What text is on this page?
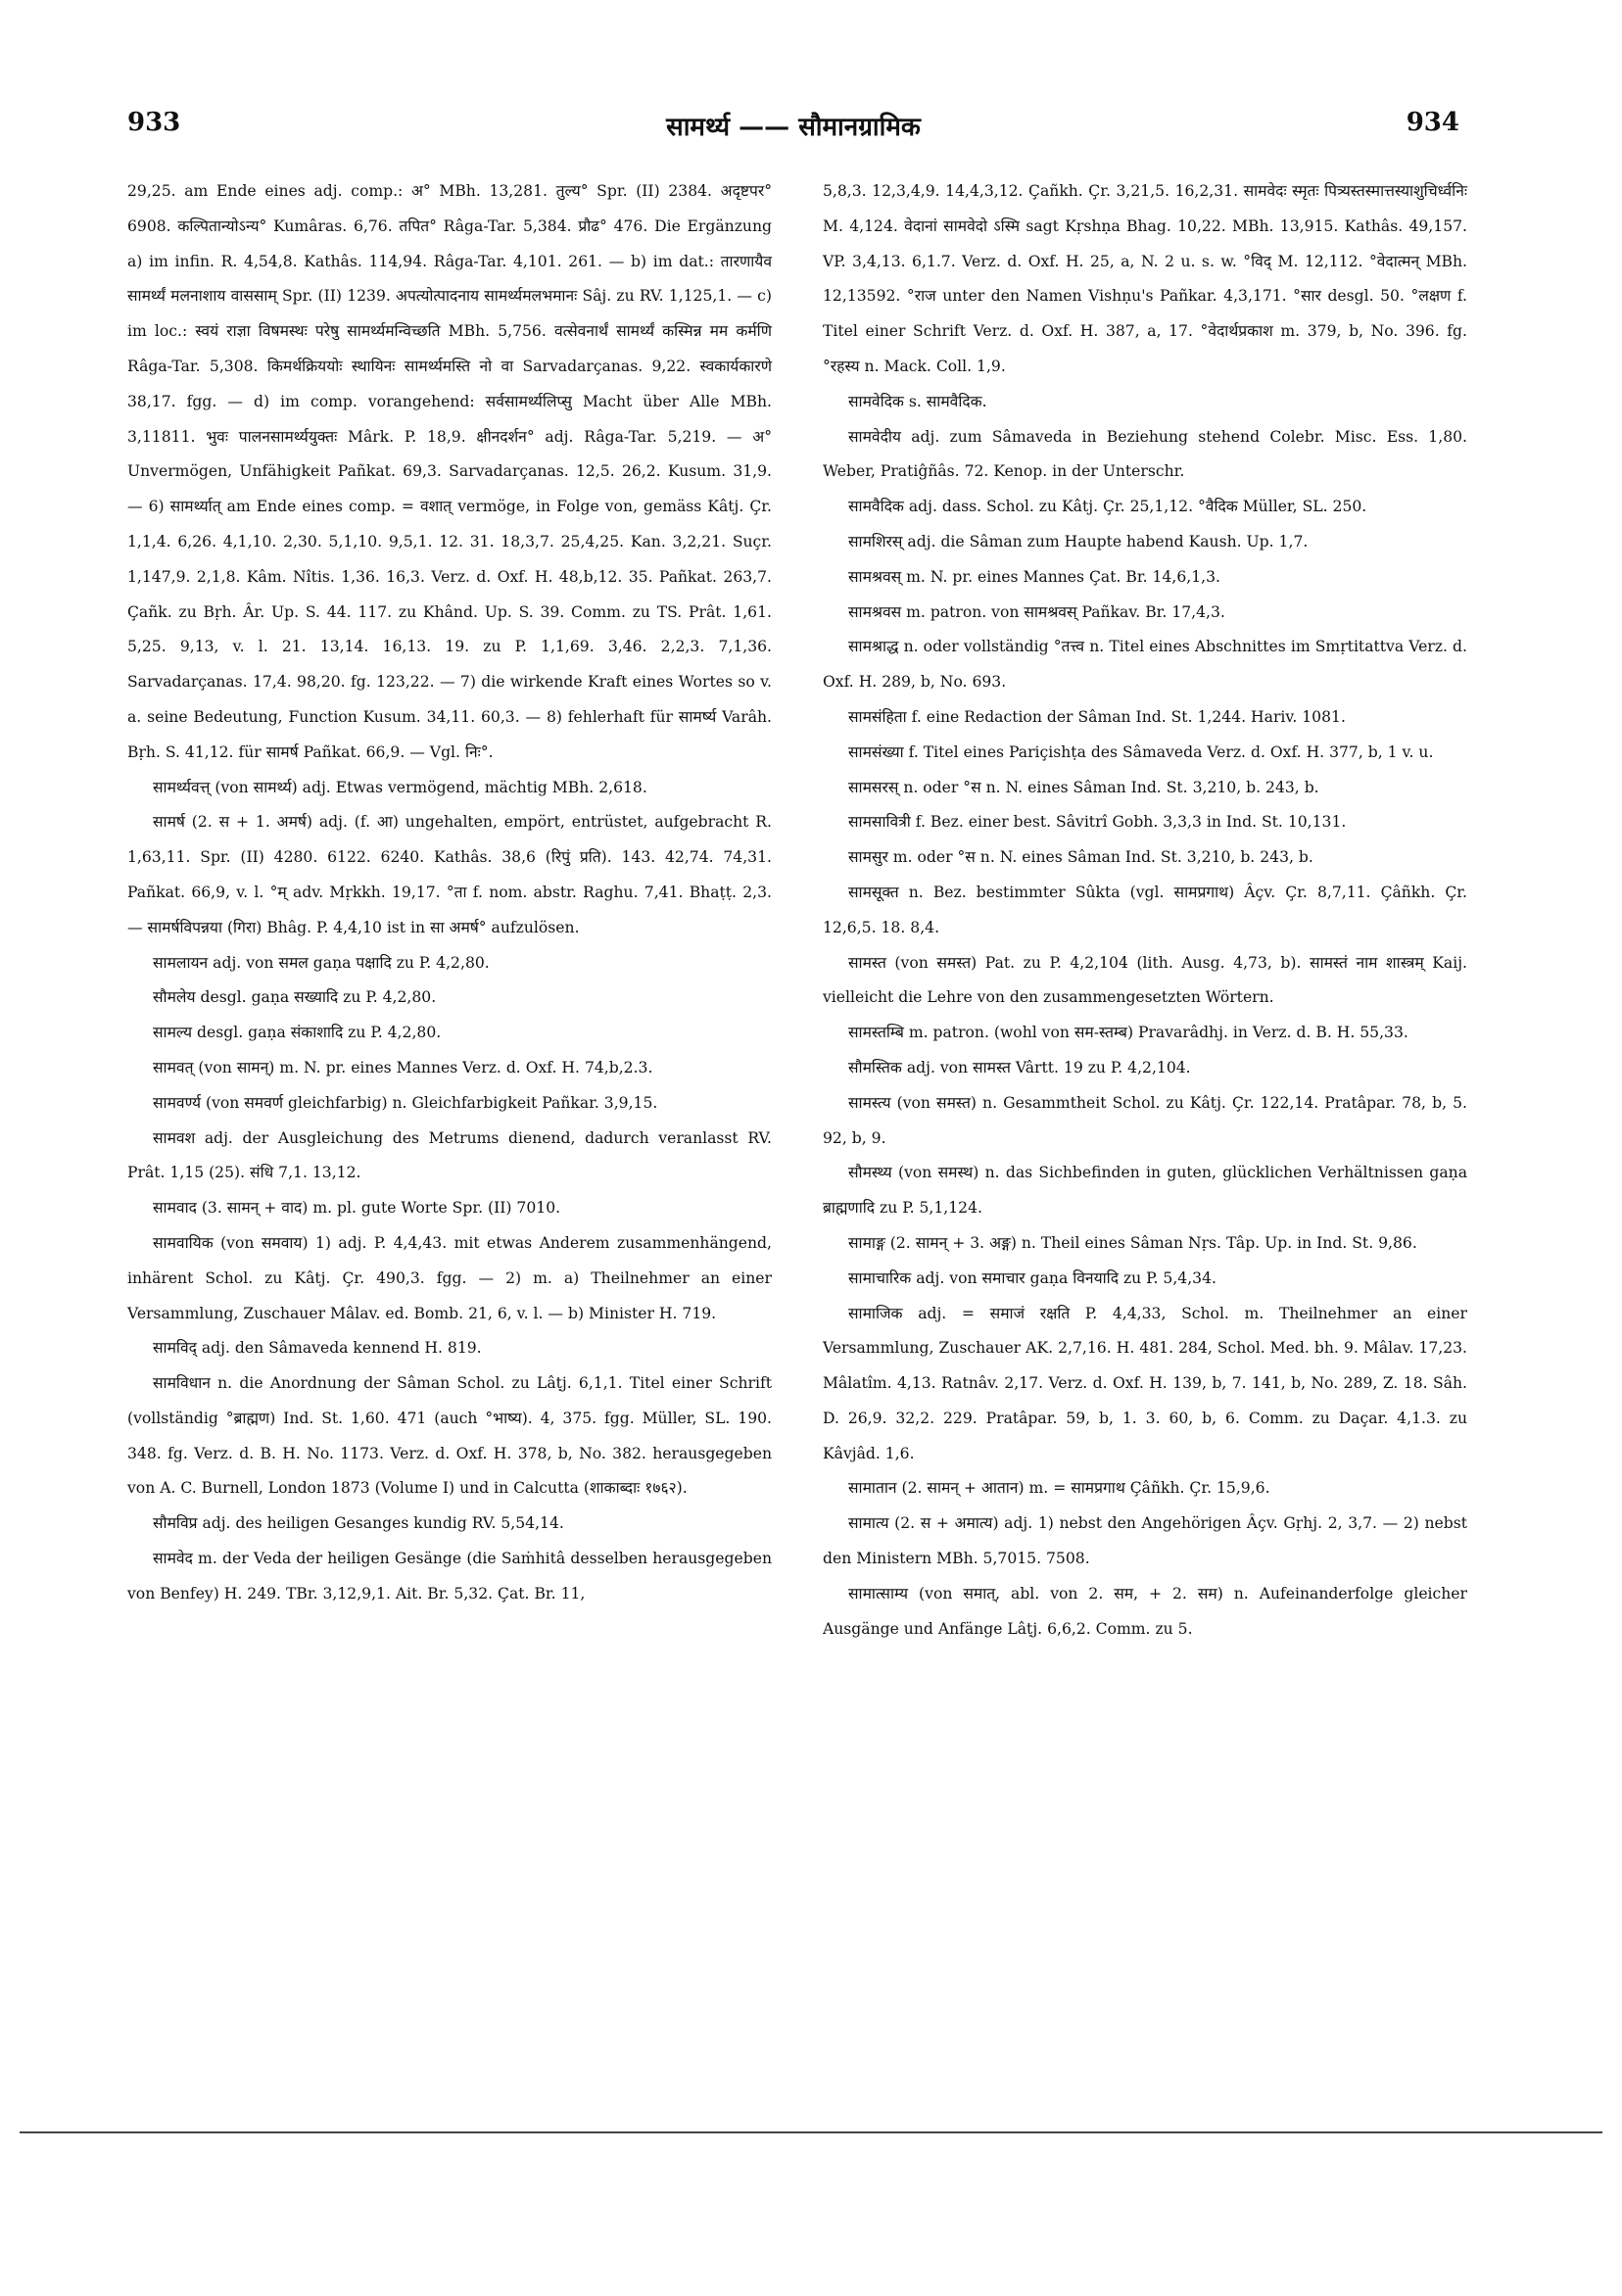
933	सामर्थ्य —— सौमानग्रामिक	934

29,25. am Ende eines adj. comp.: अ° MBh. 13,281. तुल्य° Spr. (II) 2384. अदृष्टपर° 6908. कल्पितान्योऽन्य° Kumâras. 6,76. तपित° Râga-Tar. 5,384. प्रौढ° 476. Die Ergänzung a) im infin. R. 4,54,8. Kathâs. 114,94. Râga-Tar. 4,101. 261. — b) im dat.: तारणायैव सामर्थ्यं मलनाशाय वाससाम् Spr. (II) 1239. अपत्योत्पादनाय सामर्थ्यमलभमानः Sâj. zu RV. 1,125,1. — c) im loc.: स्वयं राज्ञा विषमस्थः परेषु सामर्थ्यमन्विच्छति MBh. 5,756. वत्सेवनार्थं सामर्थ्यं कस्मिन्न मम कर्मणि Râga-Tar. 5,308. किमर्थक्रिययोः स्थायिनः सामर्थ्यमस्ति नो वा Sarvadarçanas. 9,22. स्वकार्यकारणे 38,17. fgg. — d) im comp. vorangehend: सर्वसामर्थ्यलिप्सु Macht über Alle MBh. 3,11811. भुवः पालनसामर्थ्ययुक्तः Mârk. P. 18,9. क्षीनदर्शन° adj. Râga-Tar. 5,219. — अ° Unvermögen, Unfähigkeit Pañkat. 69,3. Sarvadarçanas. 12,5. 26,2. Kusum. 31,9. — 6) सामर्थ्यात् am Ende eines comp. = वशात् vermöge, in Folge von, gemäss Kâtj. Çr. 1,1,4. 6,26. 4,1,10. 2,30. 5,1,10. 9,5,1. 12. 31. 18,3,7. 25,4,25. Kan. 3,2,21. Suçr. 1,147,9. 2,1,8. Kâm. Nîtis. 1,36. 16,3. Verz. d. Oxf. H. 48,b,12. 35. Pañkat. 263,7. Çañk. zu Bṛh. Âr. Up. S. 44. 117. zu Khând. Up. S. 39. Comm. zu TS. Prât. 1,61. 5,25. 9,13, v. l. 21. 13,14. 16,13. 19. zu P. 1,1,69. 3,46. 2,2,3. 7,1,36. Sarvadarçanas. 17,4. 98,20. fg. 123,22. — 7) die wirkende Kraft eines Wortes so v. a. seine Bedeutung, Function Kusum. 34,11. 60,3. — 8) fehlerhaft für सामर्ष्य Varâh. Bṛh. S. 41,12. für सामर्ष Pañkat. 66,9. — Vgl. निः°.

सामर्थ्यवत्त् (von सामर्थ्य) adj. Etwas vermögend, mächtig MBh. 2,618.

सामर्ष (2. स + 1. अमर्ष) adj. (f. आ) ungehalten, empört, entrüstet, aufgebracht R. 1,63,11. Spr. (II) 4280. 6122. 6240. Kathâs. 38,6 (रिपुं प्रति). 143. 42,74. 74,31. Pañkat. 66,9, v. l. °म् adv. Mṛkkh. 19,17. °ता f. nom. abstr. Raghu. 7,41. Bhaṭṭ. 2,3. — सामर्षविपन्नया (गिरा) Bhâg. P. 4,4,10 ist in सा अमर्ष° aufzulösen.

सामलायन adj. von समल gaṇa पक्षादि zu P. 4,2,80.

सौमलेय desgl. gaṇa सख्यादि zu P. 4,2,80.

सामल्य desgl. gaṇa संकाशादि zu P. 4,2,80.

सामवत् (von सामन्) m. N. pr. eines Mannes Verz. d. Oxf. H. 74,b,2.3.

सामवर्ण्य (von समवर्ण gleichfarbig) n. Gleichfarbigkeit Pañkar. 3,9,15.

सामवश adj. der Ausgleichung des Metrums dienend, dadurch veranlasst RV. Prât. 1,15 (25). संधि 7,1. 13,12.

सामवाद (3. सामन् + वाद) m. pl. gute Worte Spr. (II) 7010.

सामवायिक (von समवाय) 1) adj. P. 4,4,43. mit etwas Anderem zusammenhängend, inhärent Schol. zu Kâtj. Çr. 490,3. fgg. — 2) m. a) Theilnehmer an einer Versammlung, Zuschauer Mâlav. ed. Bomb. 21, 6, v. l. — b) Minister H. 719.

सामविद् adj. den Sâmaveda kennend H. 819.

सामविधान n. die Anordnung der Sâman Schol. zu Lâṭj. 6,1,1. Titel einer Schrift (vollständig °ब्राह्मण) Ind. St. 1,60. 471 (auch °भाष्य). 4, 375. fgg. Müller, SL. 190. 348. fg. Verz. d. B. H. No. 1173. Verz. d. Oxf. H. 378, b, No. 382. herausgegeben von A. C. Burnell, London 1873 (Volume I) und in Calcutta (शाकाब्दाः १७६२).

सौमविप्र adj. des heiligen Gesanges kundig RV. 5,54,14.

सामवेद m. der Veda der heiligen Gesänge (die Saṁhitâ desselben herausgegeben von Benfey) H. 249. TBr. 3,12,9,1. Ait. Br. 5,32. Çat. Br. 11,

5,8,3. 12,3,4,9. 14,4,3,12. Çañkh. Çr. 3,21,5. 16,2,31. सामवेदः स्मृतः पित्र्यस्तस्मात्तस्याशुचिर्ध्वनिः M. 4,124. वेदानां सामवेदो ऽस्मि sagt Kṛshṇa Bhag. 10,22. MBh. 13,915. Kathâs. 49,157. VP. 3,4,13. 6,1.7. Verz. d. Oxf. H. 25, a, N. 2 u. s. w. °विद् M. 12,112. °वेदात्मन् MBh. 12,13592. °राज unter den Namen Vishṇu's Pañkar. 4,3,171. °सार desgl. 50. °लक्षण f. Titel einer Schrift Verz. d. Oxf. H. 387, a, 17. °वेदार्थप्रकाश m. 379, b, No. 396. fg. °रहस्य n. Mack. Coll. 1,9.

सामवेदिक s. सामवैदिक.

सामवेदीय adj. zum Sâmaveda in Beziehung stehend Colebr. Misc. Ess. 1,80. Weber, Pratiĝñâs. 72. Kenop. in der Unterschr.

सामवैदिक adj. dass. Schol. zu Kâtj. Çr. 25,1,12. °वैदिक Müller, SL. 250.

सामशिरस् adj. die Sâman zum Haupte habend Kaush. Up. 1,7.

सामश्रवस् m. N. pr. eines Mannes Çat. Br. 14,6,1,3.

सामश्रवस m. patron. von सामश्रवस् Pañkav. Br. 17,4,3.

सामश्राद्ध n. oder vollständig °तत्त्व n. Titel eines Abschnittes im Smṛtitattva Verz. d. Oxf. H. 289, b, No. 693.

सामसंहिता f. eine Redaction der Sâman Ind. St. 1,244. Hariv. 1081.

सामसंख्या f. Titel eines Pariçishṭa des Sâmaveda Verz. d. Oxf. H. 377, b, 1 v. u.

सामसरस् n. oder °स n. N. eines Sâman Ind. St. 3,210, b. 243, b.

सामसावित्री f. Bez. einer best. Sâvitrî Gobh. 3,3,3 in Ind. St. 10,131.

सामसुर m. oder °स n. N. eines Sâman Ind. St. 3,210, b. 243, b.

सामसूक्त n. Bez. bestimmter Sûkta (vgl. सामप्रगाथ) Âçv. Çr. 8,7,11. Çâñkh. Çr. 12,6,5. 18. 8,4.

सामस्त (von समस्त) Pat. zu P. 4,2,104 (lith. Ausg. 4,73, b). सामस्तं नाम शास्त्रम् Kaij. vielleicht die Lehre von den zusammengesetzten Wörtern.

सामस्तम्बि m. patron. (wohl von सम-स्तम्ब) Pravarâdhj. in Verz. d. B. H. 55,33.

सौमस्तिक adj. von सामस्त Vârtt. 19 zu P. 4,2,104.

सामस्त्य (von समस्त) n. Gesammtheit Schol. zu Kâtj. Çr. 122,14. Pratâpar. 78, b, 5. 92, b, 9.

सौमस्थ्य (von समस्थ) n. das Sichbefinden in guten, glücklichen Verhältnissen gaṇa ब्राह्मणादि zu P. 5,1,124.

सामाङ्ग (2. सामन् + 3. अङ्ग) n. Theil eines Sâman Nṛs. Tâp. Up. in Ind. St. 9,86.

सामाचारिक adj. von समाचार gaṇa विनयादि zu P. 5,4,34.

सामाजिक adj. = समाजं रक्षति P. 4,4,33, Schol. m. Theilnehmer an einer Versammlung, Zuschauer AK. 2,7,16. H. 481. 284, Schol. Med. bh. 9. Mâlav. 17,23. Mâlatîm. 4,13. Ratnâv. 2,17. Verz. d. Oxf. H. 139, b, 7. 141, b, No. 289, Z. 18. Sâh. D. 26,9. 32,2. 229. Pratâpar. 59, b, 1. 3. 60, b, 6. Comm. zu Daçar. 4,1.3. zu Kâvjâd. 1,6.

सामातान (2. सामन् + आतान) m. = सामप्रगाथ Çâñkh. Çr. 15,9,6.

सामात्य (2. स + अमात्य) adj. 1) nebst den Angehörigen Âçv. Gṛhj. 2, 3,7. — 2) nebst den Ministern MBh. 5,7015. 7508.

सामात्साम्य (von समात्, abl. von 2. सम, + 2. सम) n. Aufeinanderfolge gleicher Ausgänge und Anfänge Lâṭj. 6,6,2. Comm. zu 5.
